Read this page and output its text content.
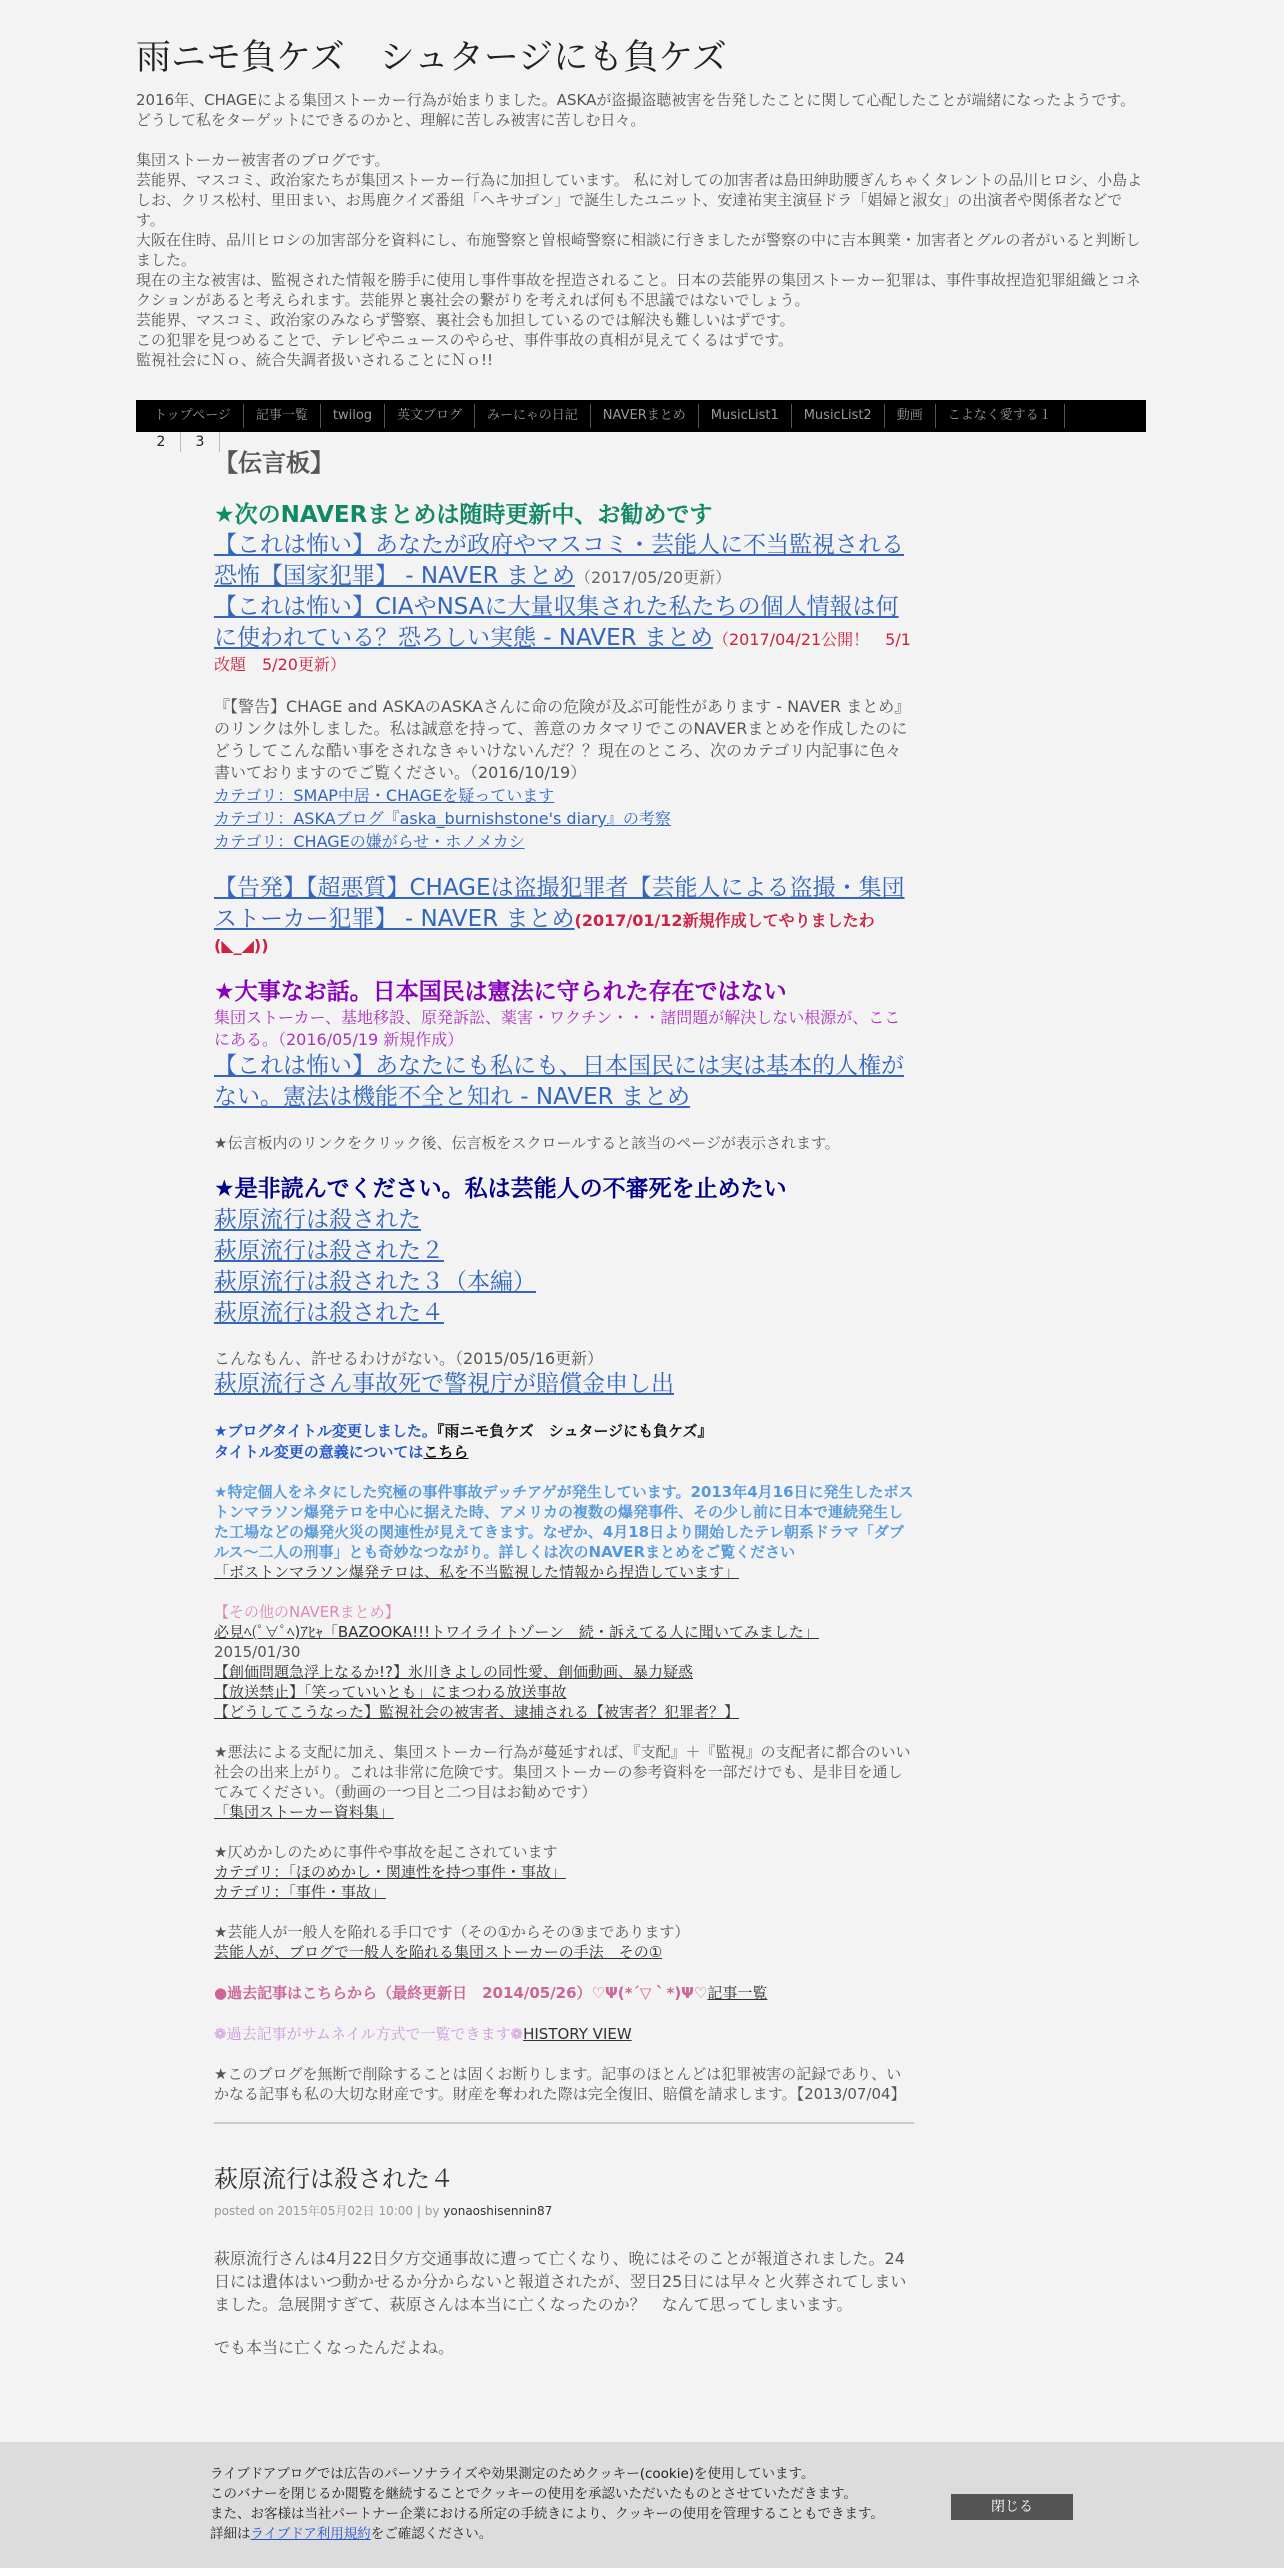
雨ニモ負ケズ　シュタージにも負ケズ

2016年、CHAGEによる集団ストーカー行為が始まりました。ASKAが盗撮盗聴被害を告発したことに関して心配したことが端緒になったようです。 どうして私をターゲットにできるのかと、理解に苦しみ被害に苦しむ日々。

集団ストーカー被害者のブログです。

芸能界、マスコミ、政治家たちが集団ストーカー行為に加担しています。 私に対しての加害者は島田紳助腰ぎんちゃくタレントの品川ヒロシ、小島よしお、クリス松村、里田まい、お馬鹿クイズ番組「ヘキサゴン」で誕生したユニット、安達祐実主演昼ドラ「娼婦と淑女」の出演者や関係者などです。

大阪在住時、品川ヒロシの加害部分を資料にし、布施警察と曽根崎警察に相談に行きましたが警察の中に吉本興業・加害者とグルの者がいると判断しました。

現在の主な被害は、監視された情報を勝手に使用し事件事故を捏造されること。日本の芸能界の集団ストーカー犯罪は、事件事故捏造犯罪組織とコネクションがあると考えられます。芸能界と裏社会の繋がりを考えれば何も不思議ではないでしょう。

芸能界、マスコミ、政治家のみならず警察、裏社会も加担しているのでは解決も難しいはずです。

この犯罪を見つめることで、テレビやニュースのやらせ、事件事故の真相が見えてくるはずです。

監視社会にＮｏ、統合失調者扱いされることにＮｏ!!

トップページ	記事一覧	twilog	英文ブログ	みーにゃの日記	NAVERまとめ	MusicList1	MusicList2	動画	こよなく愛する１
2	3
【伝言板】
★次のNAVERまとめは随時更新中、お勧めです
【これは怖い】あなたが政府やマスコミ・芸能人に不当監視される恐怖【国家犯罪】 - NAVER まとめ（2017/05/20更新）
【これは怖い】CIAやNSAに大量収集された私たちの個人情報は何に使われている？恐ろしい実態 - NAVER まとめ（2017/04/21公開！　5/1改題　5/20更新）
『【警告】CHAGE and ASKAのASKAさんに命の危険が及ぶ可能性があります - NAVER まとめ』のリンクは外しました。私は誠意を持って、善意のカタマリでこのNAVERまとめを作成したのにどうしてこんな酷い事をされなきゃいけないんだ？？現在のところ、次のカテゴリ内記事に色々書いておりますのでご覧ください。（2016/10/19）
カテゴリ：SMAP中居・CHAGEを疑っています
カテゴリ：ASKAブログ『aska_burnishstone's diary』の考察
カテゴリ：CHAGEの嫌がらせ・ホノメカシ
【告発】【超悪質】CHAGEは盗撮犯罪者【芸能人による盗撮・集団ストーカー犯罪】 - NAVER まとめ(2017/01/12新規作成してやりましたわ(◣_◢))
★大事なお話。日本国民は憲法に守られた存在ではない
集団ストーカー、基地移設、原発訴訟、薬害・ワクチン・・・諸問題が解決しない根源が、ここにある。（2016/05/19 新規作成）
【これは怖い】あなたにも私にも、日本国民には実は基本的人権がない。憲法は機能不全と知れ - NAVER まとめ
★伝言板内のリンクをクリック後、伝言板をスクロールすると該当のページが表示されます。
★是非読んでください。私は芸能人の不審死を止めたい
萩原流行は殺された
萩原流行は殺された２
萩原流行は殺された３（本編）
萩原流行は殺された４
こんなもん、許せるわけがない。（2015/05/16更新）
萩原流行さん事故死で警視庁が賠償金申し出
★ブログタイトル変更しました。『雨ニモ負ケズ　シュタージにも負ケズ』
タイトル変更の意義についてはこちら
★特定個人をネタにした究極の事件事故デッチアゲが発生しています。2013年4月16日に発生したボストンマラソン爆発テロを中心に据えた時、アメリカの複数の爆発事件、その少し前に日本で連続発生した工場などの爆発火災の関連性が見えてきます。なぜか、4月18日より開始したテレ朝系ドラマ「ダブルス～二人の刑事」とも奇妙なつながり。詳しくは次のNAVERまとめをご覧ください
「ボストンマラソン爆発テロは、私を不当監視した情報から捏造しています」
【その他のNAVERまとめ】
必見ﾍ(ﾟ∀ﾟﾍ)ｱﾋｬ「BAZOOKA!!!トワイライトゾーン　続・訴えてる人に聞いてみました」
2015/01/30
【創価問題急浮上なるか!?】氷川きよしの同性愛、創価動画、暴力疑惑
【放送禁止】「笑っていいとも」にまつわる放送事故
【どうしてこうなった】監視社会の被害者、逮捕される【被害者？犯罪者？】
★悪法による支配に加え、集団ストーカー行為が蔓延すれば、『支配』＋『監視』の支配者に都合のいい社会の出来上がり。これは非常に危険です。集団ストーカーの参考資料を一部だけでも、是非目を通してみてください。（動画の一つ目と二つ目はお勧めです）
「集団ストーカー資料集」
★仄めかしのために事件や事故を起こされています
カテゴリ：「ほのめかし・関連性を持つ事件・事故」
カテゴリ：「事件・事故」
★芸能人が一般人を陥れる手口です（その①からその③まであります）
芸能人が、ブログで一般人を陥れる集団ストーカーの手法　その①
●過去記事はこちらから（最終更新日　2014/05/26）♡Ψ(*´▽｀*)Ψ♡記事一覧
❁過去記事がサムネイル方式で一覧できます❁HISTORY VIEW
★このブログを無断で削除することは固くお断りします。記事のほとんどは犯罪被害の記録であり、いかなる記事も私の大切な財産です。財産を奪われた際は完全復旧、賠償を請求します。【2013/07/04】
萩原流行は殺された４
posted on 2015年05月02日 10:00 | by yonaoshisennin87

萩原流行さんは4月22日夕方交通事故に遭って亡くなり、晩にはそのことが報道されました。24日には遺体はいつ動かせるか分からないと報道されたが、翌日25日には早々と火葬されてしまいました。急展開すぎて、萩原さんは本当に亡くなったのか？　なんて思ってしまいます。

でも本当に亡くなったんだよね。

ライブドアブログでは広告のパーソナライズや効果測定のためクッキー(cookie)を使用しています。
このバナーを閉じるか閲覧を継続することでクッキーの使用を承認いただいたものとさせていただきます。
また、お客様は当社パートナー企業における所定の手続きにより、クッキーの使用を管理することもできます。
詳細はライブドア利用規約をご確認ください。
閉じる
